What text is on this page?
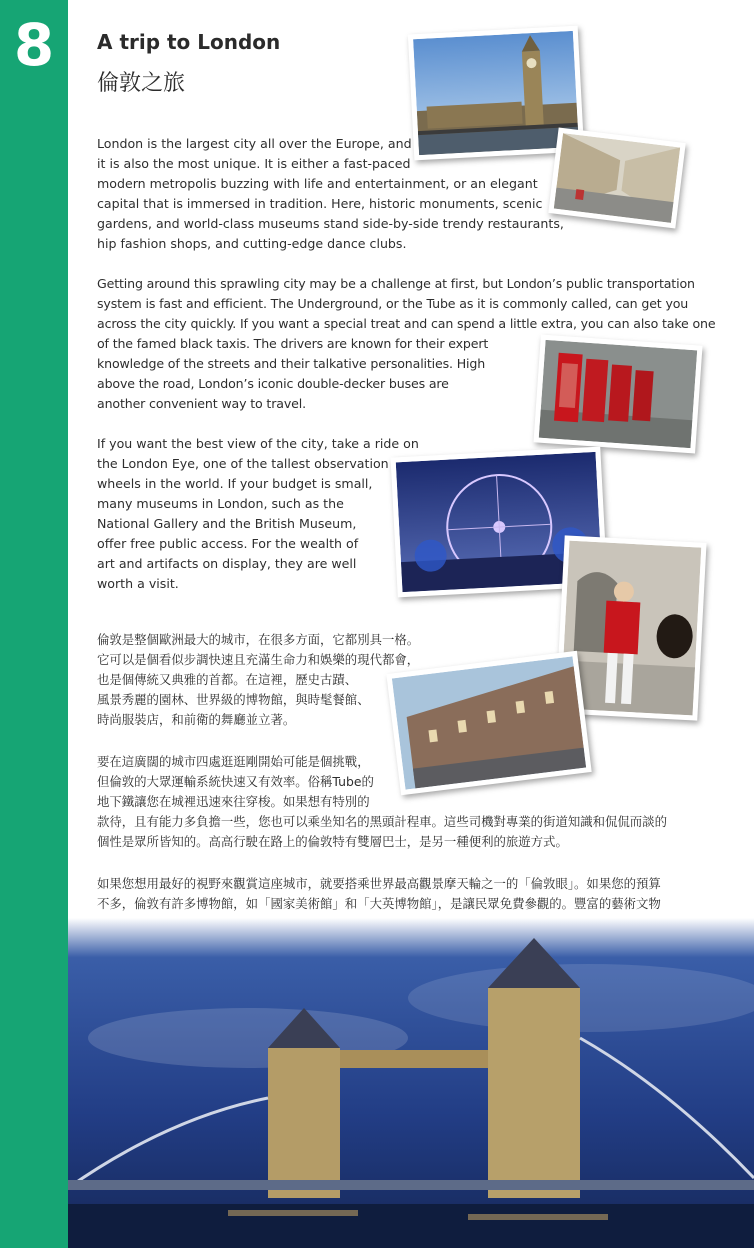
8	A trip to London
倫敦之旅
London is the largest city all over the Europe, and
it is also the most unique. It is either a fast-paced
modern metropolis buzzing with life and entertainment, or an elegant
capital that is immersed in tradition. Here, historic monuments, scenic
gardens, and world-class museums stand side-by-side trendy restaurants,
hip fashion shops, and cutting-edge dance clubs.
Getting around this sprawling city may be a challenge at first, but London’s public transportation
system is fast and efficient. The Underground, or the Tube as it is commonly called, can get you
across the city quickly. If you want a special treat and can spend a little extra, you can also take one
of the famed black taxis. The drivers are known for their expert
knowledge of the streets and their talkative personalities. High
above the road, London’s iconic double-decker buses are
another convenient way to travel.
If you want the best view of the city, take a ride on
the London Eye, one of the tallest observation
wheels in the world. If your budget is small,
many museums in London, such as the
National Gallery and the British Museum,
offer free public access. For the wealth of
art and artifacts on display, they are well
worth a visit.
倫敦是整個歐洲最大的城市，在很多方面，它都別具一格。
它可以是個看似步調快速且充滿生命力和娛樂的現代都會，
也是個傳統又典雅的首都。在這裡，歷史古蹟、
風景秀麗的園林、世界級的博物館，與時髦餐館、
時尚服裝店，和前衛的舞廳並立著。
要在這廣闊的城市四處逛逛剛開始可能是個挑戰，
但倫敦的大眾運輸系統快速又有效率。俗稱Tube的
地下鐵讓您在城裡迅速來往穿梭。如果想有特別的
款待，且有能力多負擔一些，您也可以乘坐知名的黑頭計程車。這些司機對專業的街道知識和侃侃而談的
個性是眾所皆知的。高高行駛在路上的倫敦特有雙層巴士，是另一種便利的旅遊方式。
如果您想用最好的視野來觀賞這座城市，就要搭乘世界最高觀景摩天輪之一的「倫敦眼」。如果您的預算
不多，倫敦有許多博物館，如「國家美術館」和「大英博物館」，是讓民眾免費參觀的。豐富的藝術文物
